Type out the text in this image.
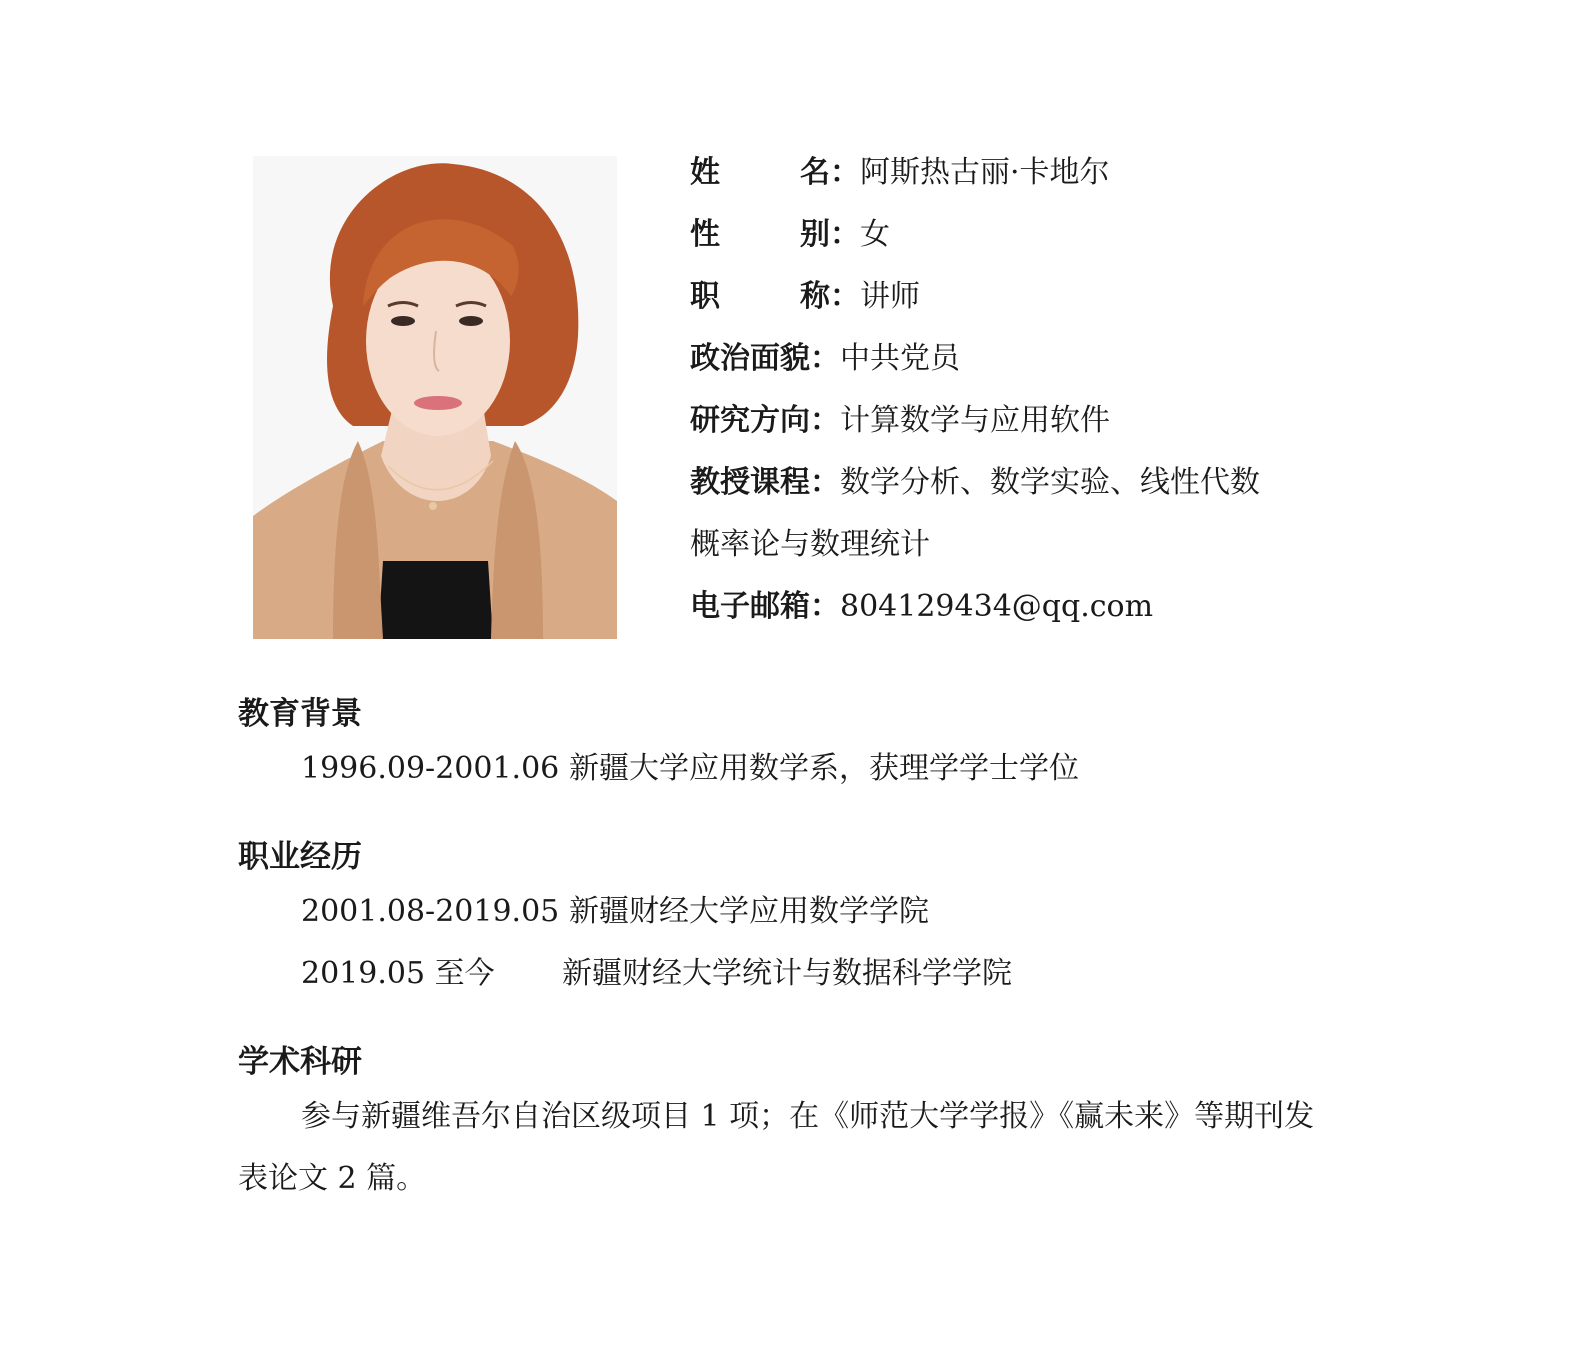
姓	名 ：阿斯热古丽·卡地尔
性	别 ：女
职	称 ：讲师
政治面貌：中共党员
研究方向：计算数学与应用软件
教授课程：数学分析、数学实验、线性代数
概率论与数理统计
电子邮箱：804129434@qq.com
教育背景
1996.09-2001.06 新疆大学应用数学系，获理学学士学位
职业经历
2001.08-2019.05 新疆财经大学应用数学学院
2019.05 至今 新疆财经大学统计与数据科学学院
学术科研

参与新疆维吾尔自治区级项目 1 项；在《师范大学学报》《赢未来》等期刊发表论文 2 篇。
